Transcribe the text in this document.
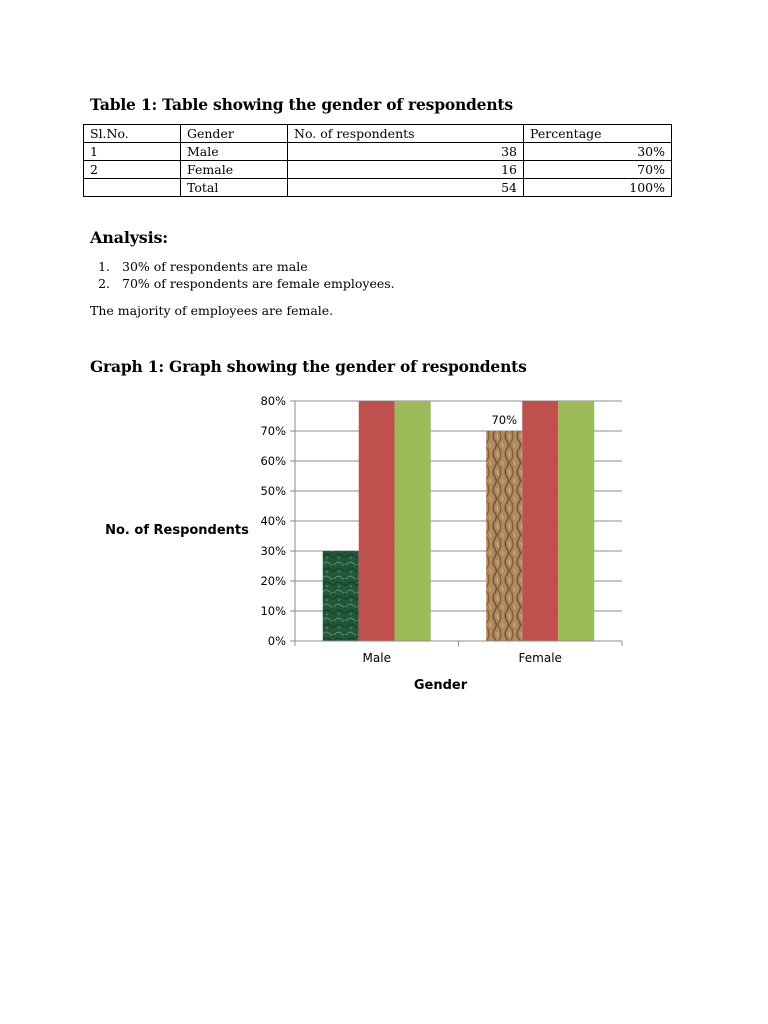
Table 1: Table showing the gender of respondents
Sl.No.	Gender	No. of respondents	Percentage
1	Male	38	30%
2	Female	16	70%
	Total	54	100%
Analysis:
1. 30% of respondents are male
2. 70% of respondents are female employees.
The majority of employees are female.
Graph 1: Graph showing the gender of respondents
0%
10%
20%
30%
40%
50%
60%
70%
80%
Male	Female
70%
Gender
No. of Respondents
